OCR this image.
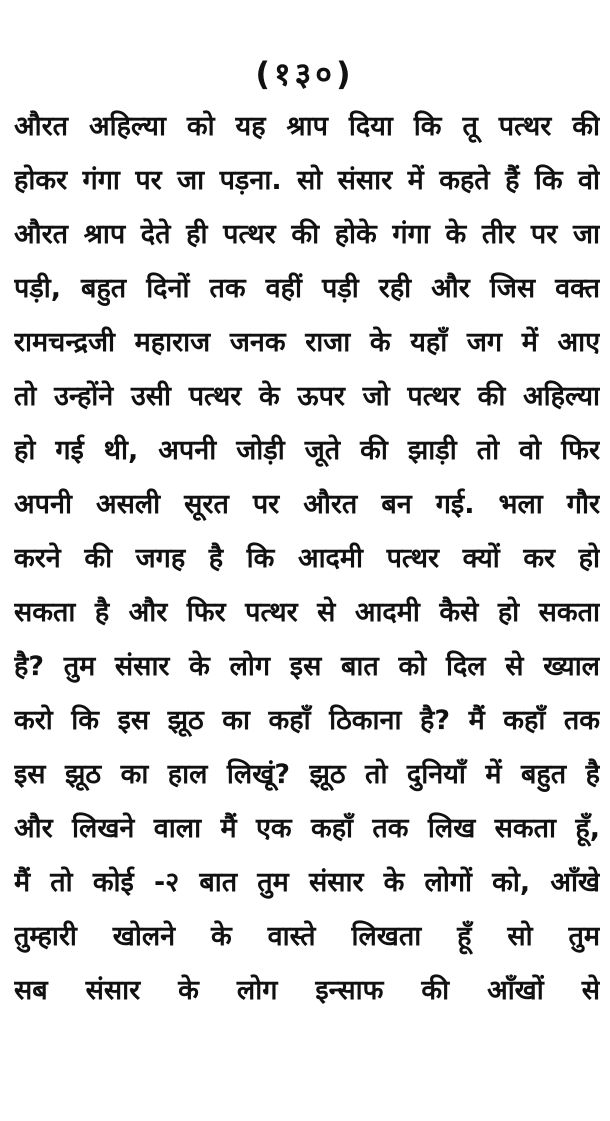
(१३०)
औरत अहिल्या को यह श्राप दिया कि तू पत्थर की
होकर गंगा पर जा पड़ना. सो संसार में कहते हैं कि वो
औरत श्राप देते ही पत्थर की होके गंगा के तीर पर जा
पड़ी, बहुत दिनों तक वहीं पड़ी रही और जिस वक्त
रामचन्द्रजी महाराज जनक राजा के यहाँ जग में आए
तो उन्होंने उसी पत्थर के ऊपर जो पत्थर की अहिल्या
हो गई थी, अपनी जोड़ी जूते की झाड़ी तो वो फिर
अपनी असली सूरत पर औरत बन गई. भला गौर
करने की जगह है कि आदमी पत्थर क्यों कर हो
सकता है और फिर पत्थर से आदमी कैसे हो सकता
है? तुम संसार के लोग इस बात को दिल से ख्याल
करो कि इस झूठ का कहाँ ठिकाना है? मैं कहाँ तक
इस झूठ का हाल लिखूं? झूठ तो दुनियाँ में बहुत है
और लिखने वाला मैं एक कहाँ तक लिख सकता हूँ,
मैं तो कोई -२ बात तुम संसार के लोगों को, आँखे
तुम्हारी खोलने के वास्ते लिखता हूँ सो तुम
सब संसार के लोग इन्साफ की आँखों से
